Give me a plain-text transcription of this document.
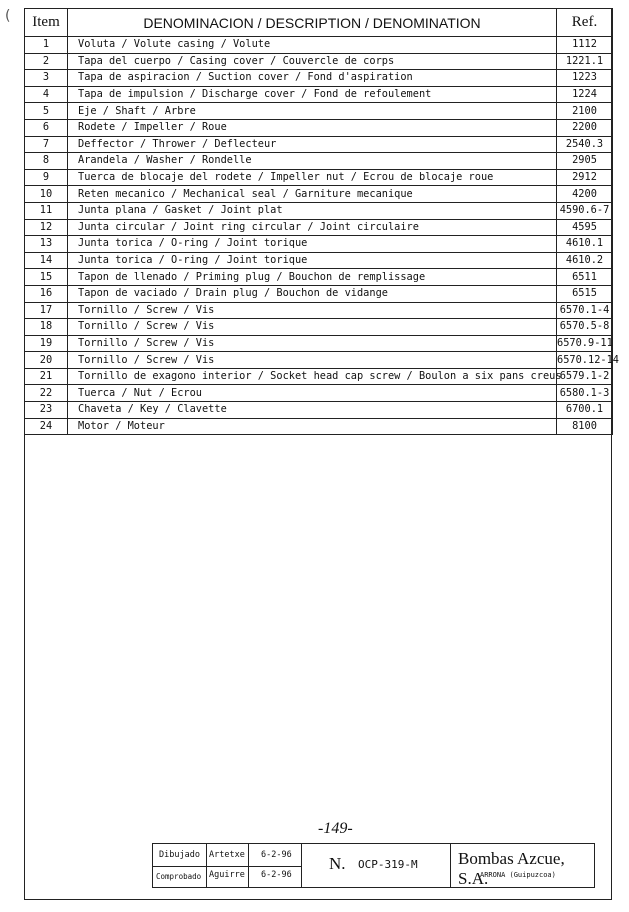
( Item	DENOMINACION / DESCRIPTION / DENOMINATION	Ref.
1	Voluta / Volute casing / Volute	1112
2	Tapa del cuerpo / Casing cover / Couvercle de corps	1221.1
3	Tapa de aspiracion / Suction cover / Fond d'aspiration	1223
4	Tapa de impulsion / Discharge cover / Fond de refoulement	1224
5	Eje / Shaft / Arbre	2100
6	Rodete / Impeller / Roue	2200
7	Deffector / Thrower / Deflecteur	2540.3
8	Arandela / Washer / Rondelle	2905
9	Tuerca de blocaje del rodete / Impeller nut / Ecrou de blocaje roue	2912
10	Reten mecanico / Mechanical seal / Garniture mecanique	4200
11	Junta plana / Gasket / Joint plat	4590.6-7
12	Junta circular / Joint ring circular / Joint circulaire	4595
13	Junta torica / O-ring / Joint torique	4610.1
14	Junta torica / O-ring / Joint torique	4610.2
15	Tapon de llenado / Priming plug / Bouchon de remplissage	6511
16	Tapon de vaciado / Drain plug / Bouchon de vidange	6515
17	Tornillo / Screw / Vis	6570.1-4
18	Tornillo / Screw / Vis	6570.5-8
19	Tornillo / Screw / Vis	6570.9-11
20	Tornillo / Screw / Vis	6570.12-14
21	Tornillo de exagono interior / Socket head cap screw / Boulon a six pans creus	6579.1-2
22	Tuerca / Nut / Ecrou	6580.1-3
23	Chaveta / Key / Clavette	6700.1
24	Motor / Moteur	8100
-149-
Dibujado Artetxe 6-2-96
Comprobado Aguirre 6-2-96
N. OCP-319-M Bombas Azcue, S.A.
ARRONA (Guipuzcoa)
